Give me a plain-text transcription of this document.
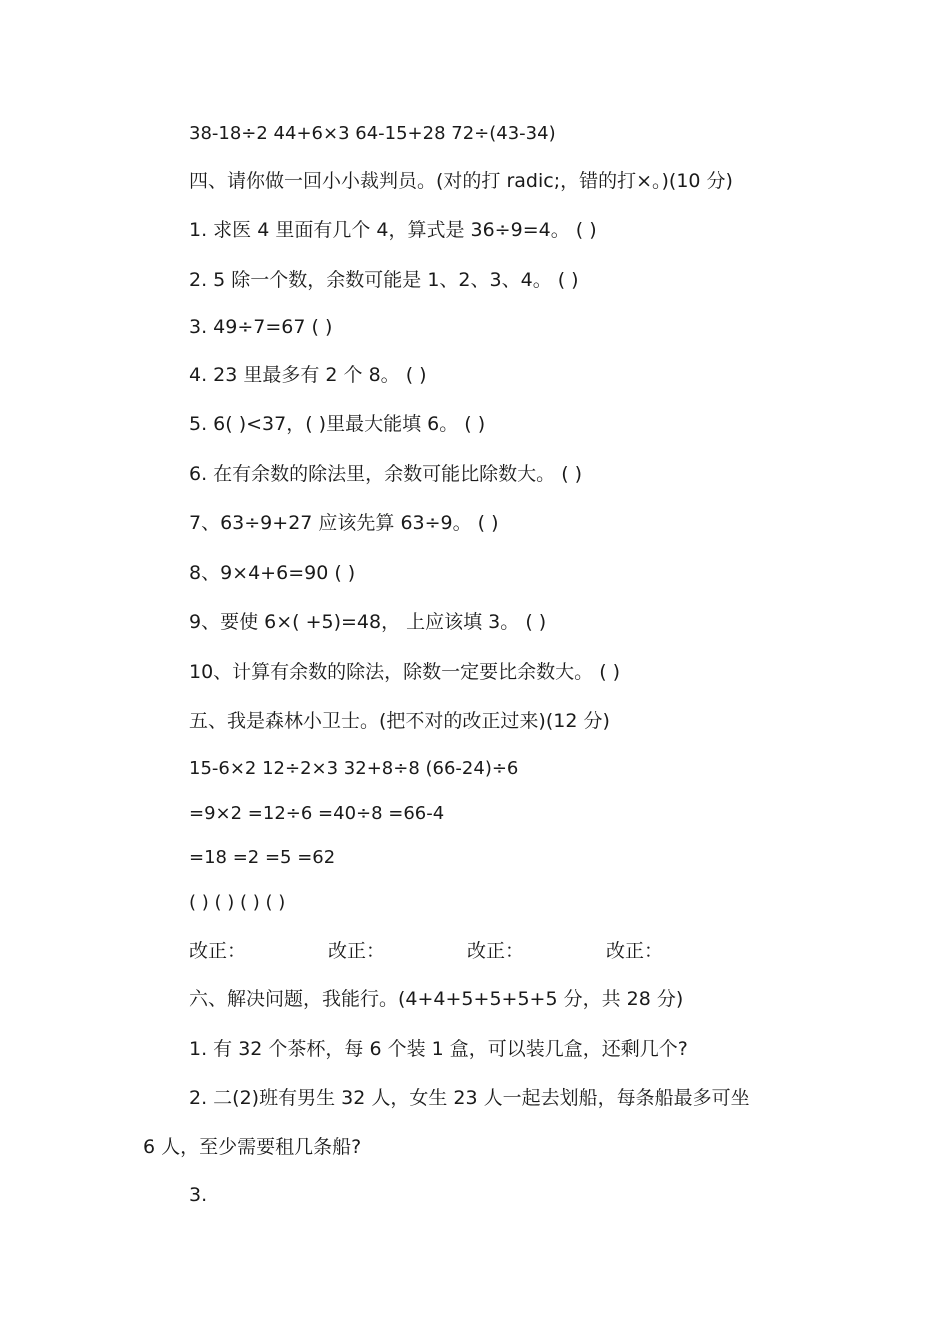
38-18÷2 44+6×3 64-15+28 72÷(43-34)
四、请你做一回小小裁判员。(对的打 radic;，错的打×。)(10 分)
1. 求医 4 里面有几个 4，算式是 36÷9=4。 ( )
2. 5 除一个数，余数可能是 1、2、3、4。 ( )
3. 49÷7=67 ( )
4. 23 里最多有 2 个 8。 ( )
5. 6( )<37，( )里最大能填 6。 ( )
6. 在有余数的除法里，余数可能比除数大。 ( )
7、63÷9+27 应该先算 63÷9。 ( )
8、9×4+6=90 ( )
9、要使 6×( +5)=48， 上应该填 3。 ( )
10、计算有余数的除法，除数一定要比余数大。 ( )
五、我是森林小卫士。(把不对的改正过来)(12 分)
15-6×2 12÷2×3 32+8÷8 (66-24)÷6
=9×2 =12÷6 =40÷8 =66-4
=18 =2 =5 =62
( ) ( ) ( ) ( )
改正：	改正：	改正：	改正：
六、解决问题，我能行。(4+4+5+5+5+5 分，共 28 分)
1. 有 32 个茶杯，每 6 个装 1 盒，可以装几盒，还剩几个?
2. 二(2)班有男生 32 人，女生 23 人一起去划船，每条船最多可坐
6 人，至少需要租几条船?
3.
